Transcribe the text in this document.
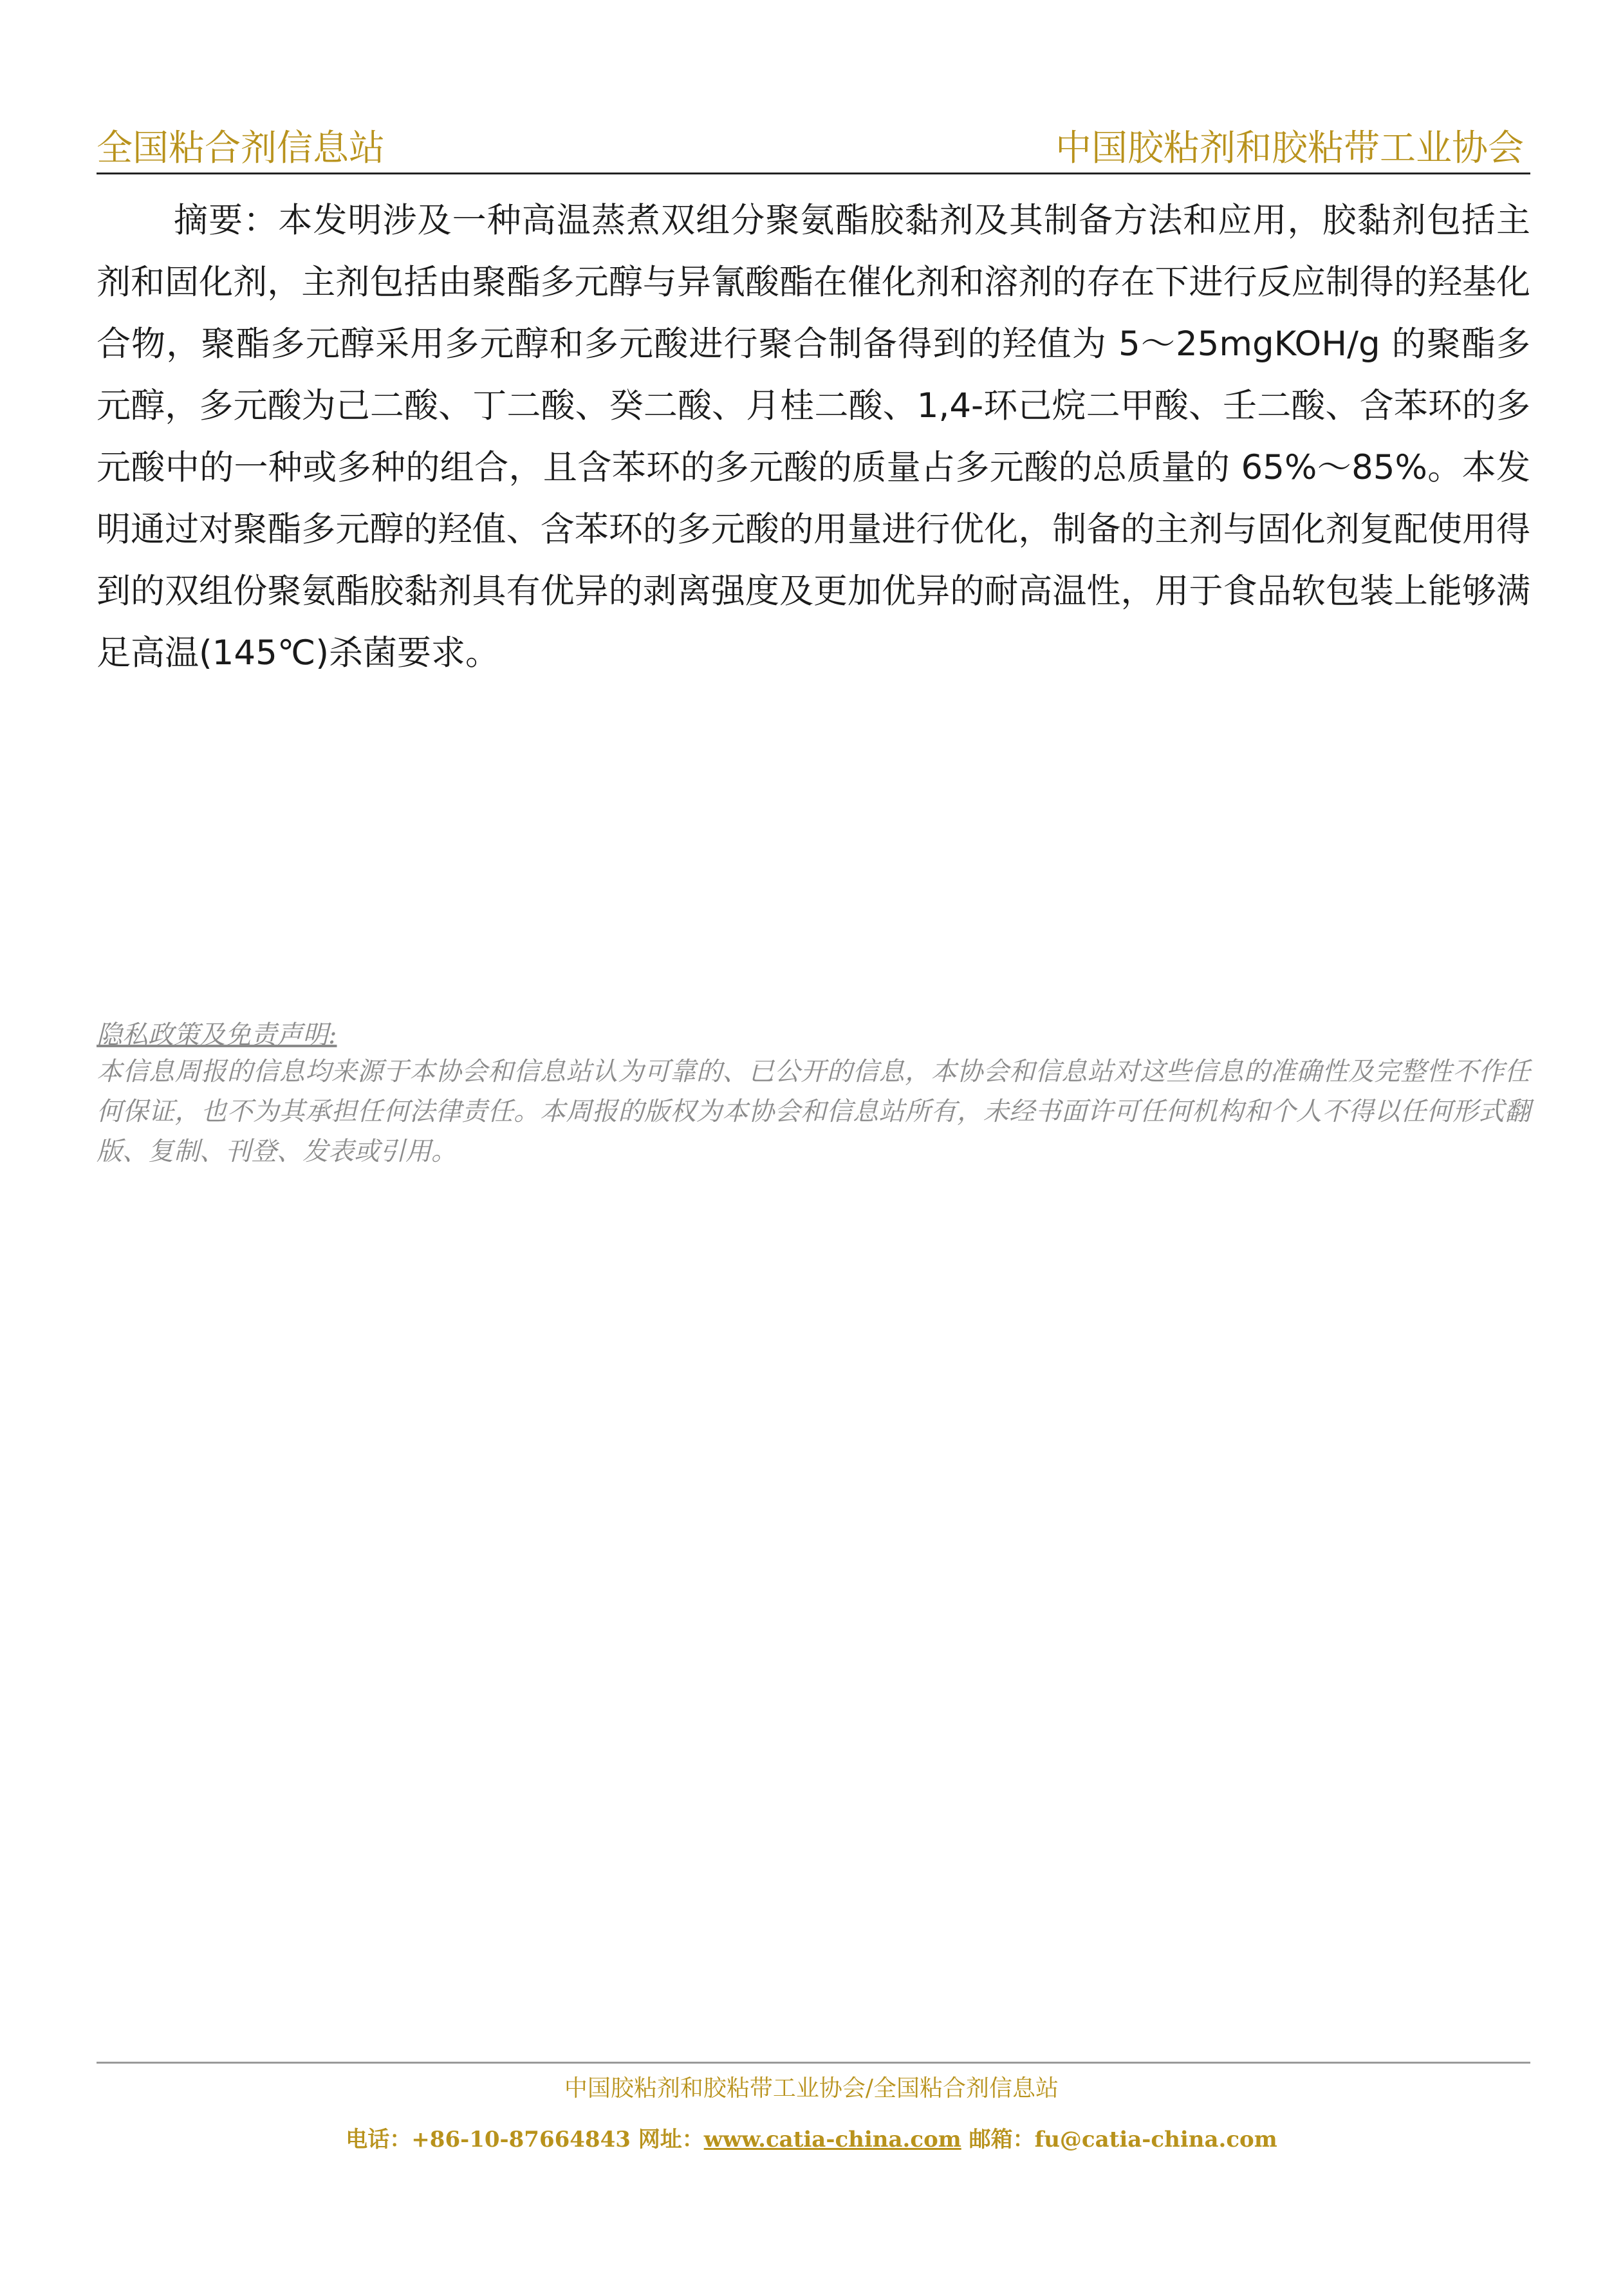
全国粘合剂信息站	中国胶粘剂和胶粘带工业协会

摘要：本发明涉及一种高温蒸煮双组分聚氨酯胶黏剂及其制备方法和应用，胶黏剂包括主剂和固化剂，主剂包括由聚酯多元醇与异氰酸酯在催化剂和溶剂的存在下进行反应制得的羟基化合物，聚酯多元醇采用多元醇和多元酸进行聚合制备得到的羟值为 5～25mgKOH/g 的聚酯多元醇，多元酸为己二酸、丁二酸、癸二酸、月桂二酸、1,4-环己烷二甲酸、壬二酸、含苯环的多元酸中的一种或多种的组合，且含苯环的多元酸的质量占多元酸的总质量的 65%～85%。本发明通过对聚酯多元醇的羟值、含苯环的多元酸的用量进行优化，制备的主剂与固化剂复配使用得到的双组份聚氨酯胶黏剂具有优异的剥离强度及更加优异的耐高温性，用于食品软包装上能够满足高温(145℃)杀菌要求。

隐私政策及免责声明:
本信息周报的信息均来源于本协会和信息站认为可靠的、已公开的信息，本协会和信息站对这些信息的准确性及完整性不作任何保证，也不为其承担任何法律责任。本周报的版权为本协会和信息站所有，未经书面许可任何机构和个人不得以任何形式翻版、复制、刊登、发表或引用。
中国胶粘剂和胶粘带工业协会/全国粘合剂信息站
电话：+86-10-87664843 网址：www.catia-china.com 邮箱：fu@catia-china.com
